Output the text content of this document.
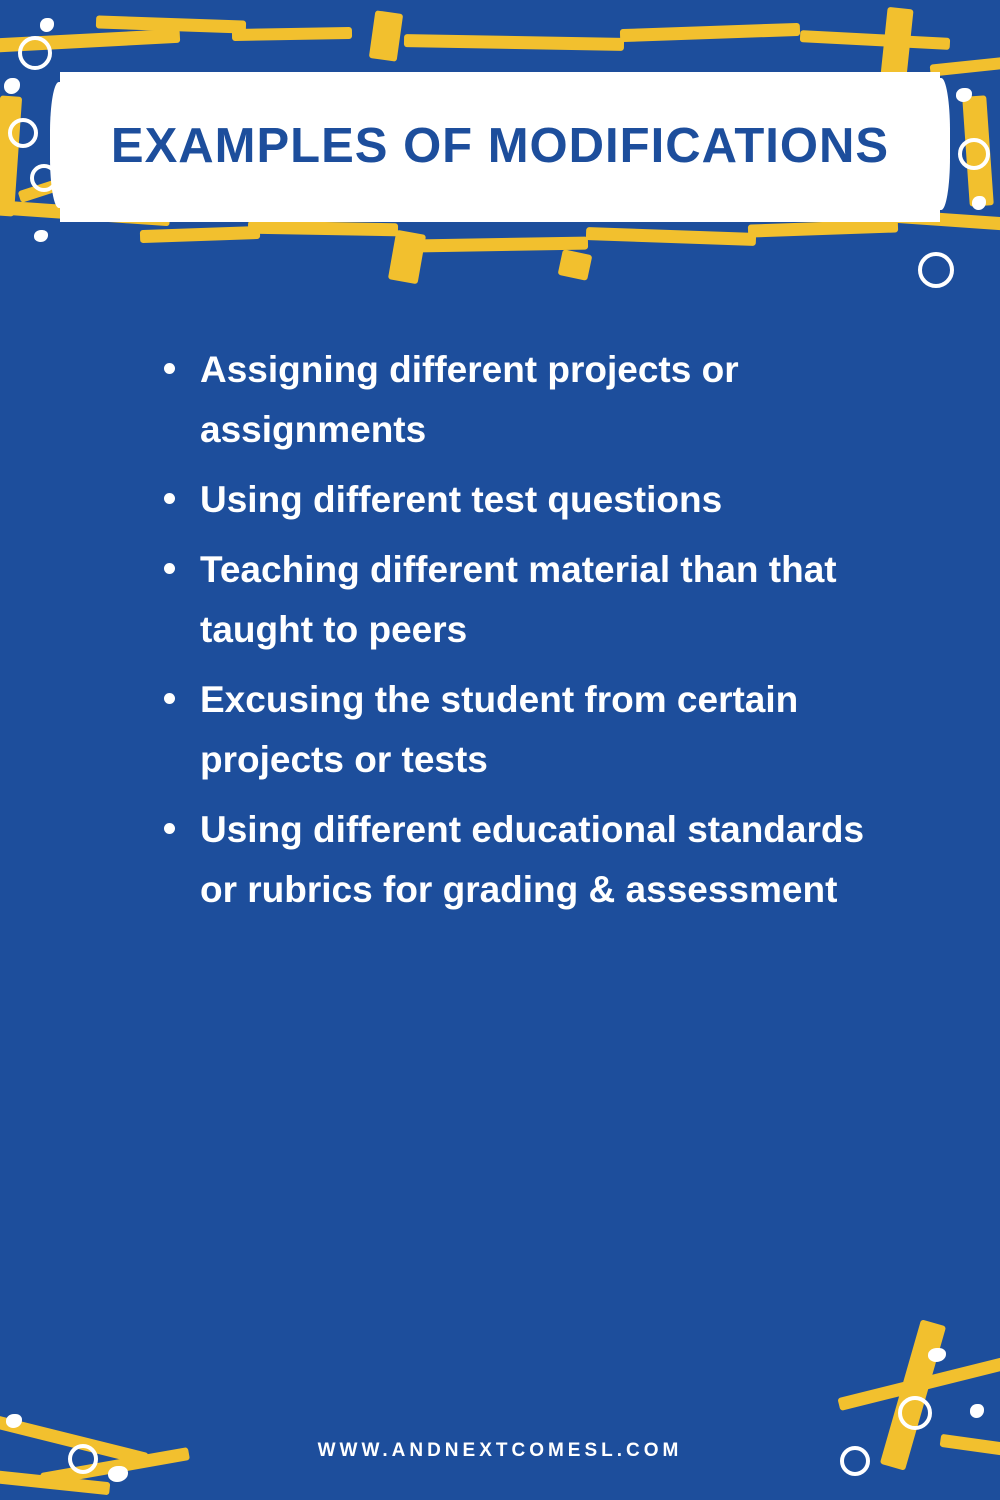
EXAMPLES OF MODIFICATIONS
Assigning different projects or assignments
Using different test questions
Teaching different material than that taught to peers
Excusing the student from certain projects or tests
Using different educational standards or rubrics for grading & assessment
WWW.ANDNEXTCOMESL.COM
